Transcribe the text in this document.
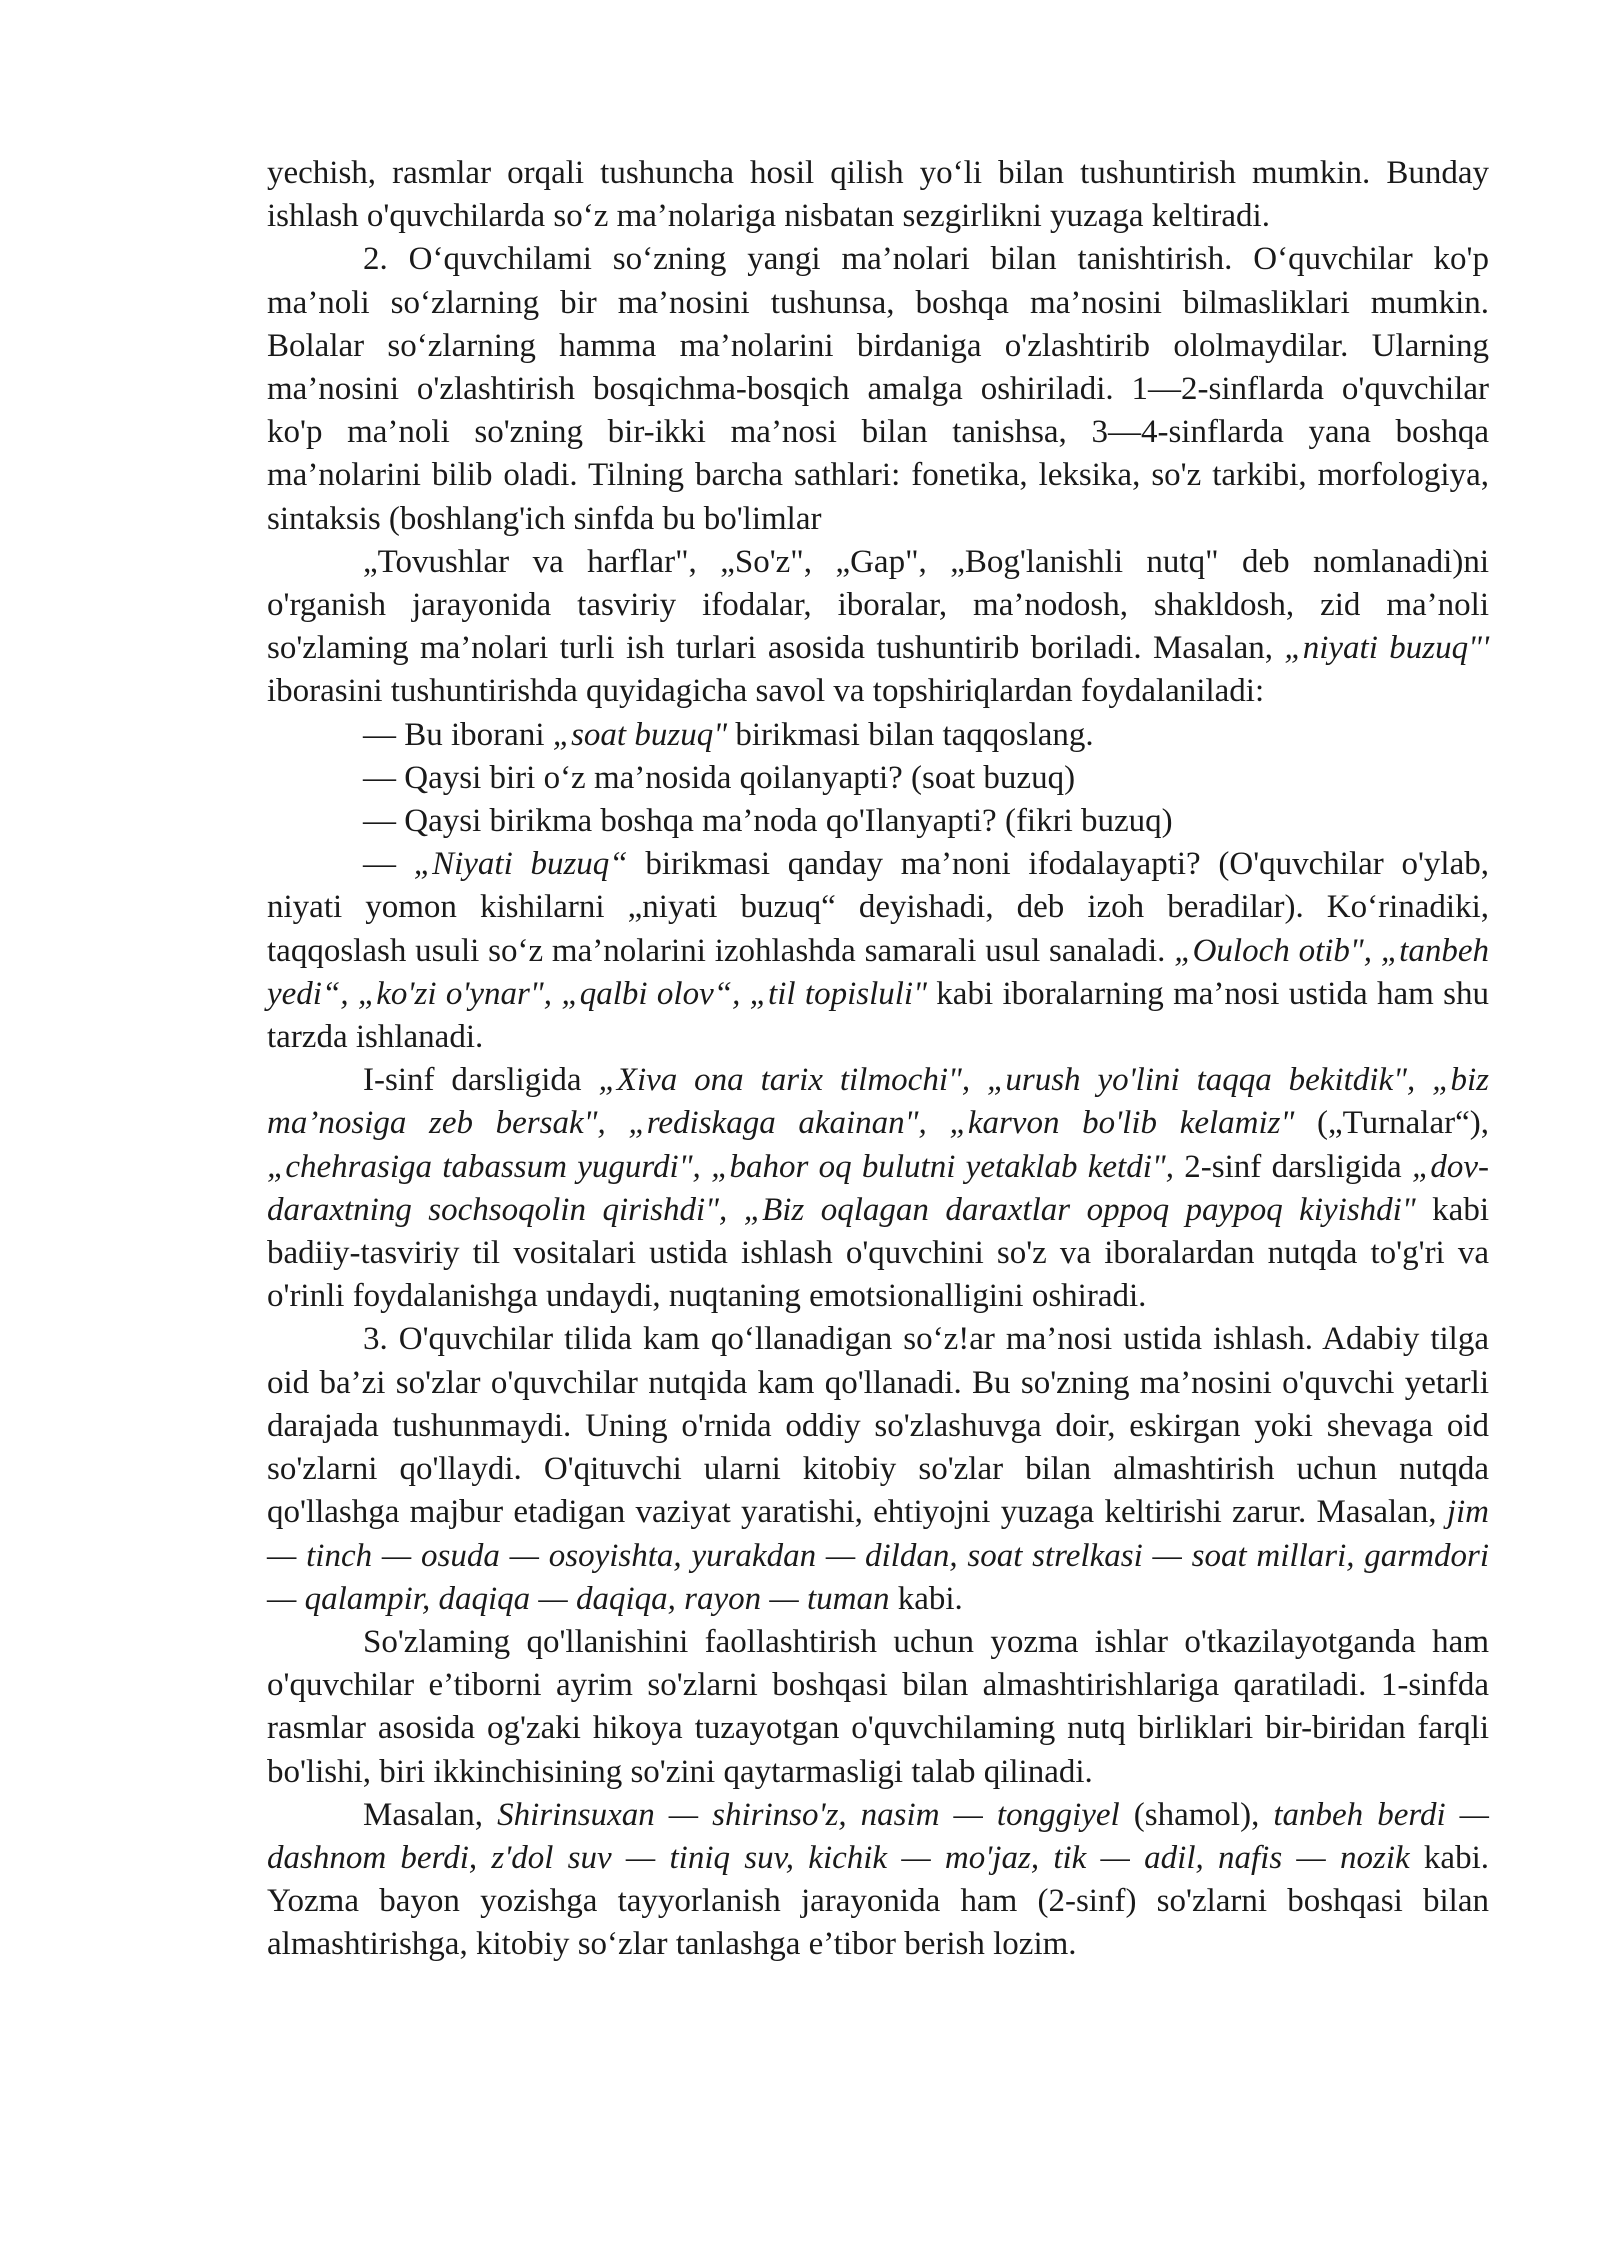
yechish, rasmlar orqali tushuncha hosil qilish yo‘li bilan tushuntirish mumkin. Bunday ishlash o'quvchilarda so‘z ma’nolariga nisbatan sezgirlikni yuzaga keltiradi.

2. O‘quvchilami so‘zning yangi ma’nolari bilan tanishtirish. O‘quvchilar ko'p ma’noli so‘zlarning bir ma’nosini tushunsa, boshqa ma’nosini bilmasliklari mumkin. Bolalar so‘zlarning hamma ma’nolarini birdaniga o'zlashtirib ololmaydilar. Ularning ma’nosini o'zlashtirish bosqichma-bosqich amalga oshiriladi. 1—2-sinflarda o'quvchilar ko'p ma’noli so'zning bir-ikki ma’nosi bilan tanishsa, 3—4-sinflarda yana boshqa ma’nolarini bilib oladi. Tilning barcha sathlari: fonetika, leksika, so'z tarkibi, morfologiya, sintaksis (boshlang'ich sinfda bu bo'limlar

„Tovushlar va harflar", „So'z", „Gap", „Bog'lanishli nutq" deb nomlanadi)ni o'rganish jarayonida tasviriy ifodalar, iboralar, ma’nodosh, shakldosh, zid ma’noli so'zlaming ma’nolari turli ish turlari asosida tushuntirib boriladi. Masalan, „niyati buzuq"' iborasini tushuntirishda quyidagicha savol va topshiriqlardan foydalaniladi:

— Bu iborani „soat buzuq" birikmasi bilan taqqoslang.

— Qaysi biri o‘z ma’nosida qoilanyapti? (soat buzuq)

— Qaysi birikma boshqa ma’noda qo'Ilanyapti? (fikri buzuq)

— „Niyati buzuq“ birikmasi qanday ma’noni ifodalayapti? (O'quvchilar o'ylab, niyati yomon kishilarni „niyati buzuq“ deyishadi, deb izoh beradilar). Ko‘rinadiki, taqqoslash usuli so‘z ma’nolarini izohlashda samarali usul sanaladi. „Ouloch otib", „tanbeh yedi“, „ko'zi o'ynar", „qalbi olov“, „til topisluli" kabi iboralarning ma’nosi ustida ham shu tarzda ishlanadi.

I-sinf darsligida „Xiva ona tarix tilmochi", „urush yo'lini taqqa bekitdik", „biz ma’nosiga zeb bersak", „rediskaga akainan", „karvon bo'lib kelamiz" („Turnalar“), „chehrasiga tabassum yugurdi", „bahor oq bulutni yetaklab ketdi", 2-sinf darsligida „dov-daraxtning sochsoqolin qirishdi", „Biz oqlagan daraxtlar oppoq paypoq kiyishdi" kabi badiiy-tasviriy til vositalari ustida ishlash o'quvchini so'z va iboralardan nutqda to'g'ri va o'rinli foydalanishga undaydi, nuqtaning emotsionalligini oshiradi.

3. O'quvchilar tilida kam qo‘llanadigan so‘z!ar ma’nosi ustida ishlash. Adabiy tilga oid ba’zi so'zlar o'quvchilar nutqida kam qo'llanadi. Bu so'zning ma’nosini o'quvchi yetarli darajada tushunmaydi. Uning o'rnida oddiy so'zlashuvga doir, eskirgan yoki shevaga oid so'zlarni qo'llaydi. O'qituvchi ularni kitobiy so'zlar bilan almashtirish uchun nutqda qo'llashga majbur etadigan vaziyat yaratishi, ehtiyojni yuzaga keltirishi zarur. Masalan, jim — tinch — osuda — osoyishta, yurakdan — dildan, soat strelkasi — soat millari, garmdori — qalampir, daqiqa — daqiqa, rayon — tuman kabi.

So'zlaming qo'llanishini faollashtirish uchun yozma ishlar o'tkazilayotganda ham o'quvchilar e’tiborni ayrim so'zlarni boshqasi bilan almashtirishlariga qaratiladi. 1-sinfda rasmlar asosida og'zaki hikoya tuzayotgan o'quvchilaming nutq birliklari bir-biridan farqli bo'lishi, biri ikkinchisining so'zini qaytarmasligi talab qilinadi.

Masalan, Shirinsuxan — shirinso'z, nasim — tonggiyel (shamol), tanbeh berdi — dashnom berdi, z'dol suv — tiniq suv, kichik — mo'jaz, tik — adil, nafis — nozik kabi. Yozma bayon yozishga tayyorlanish jarayonida ham (2-sinf) so'zlarni boshqasi bilan almashtirishga, kitobiy so‘zlar tanlashga e’tibor berish lozim.
